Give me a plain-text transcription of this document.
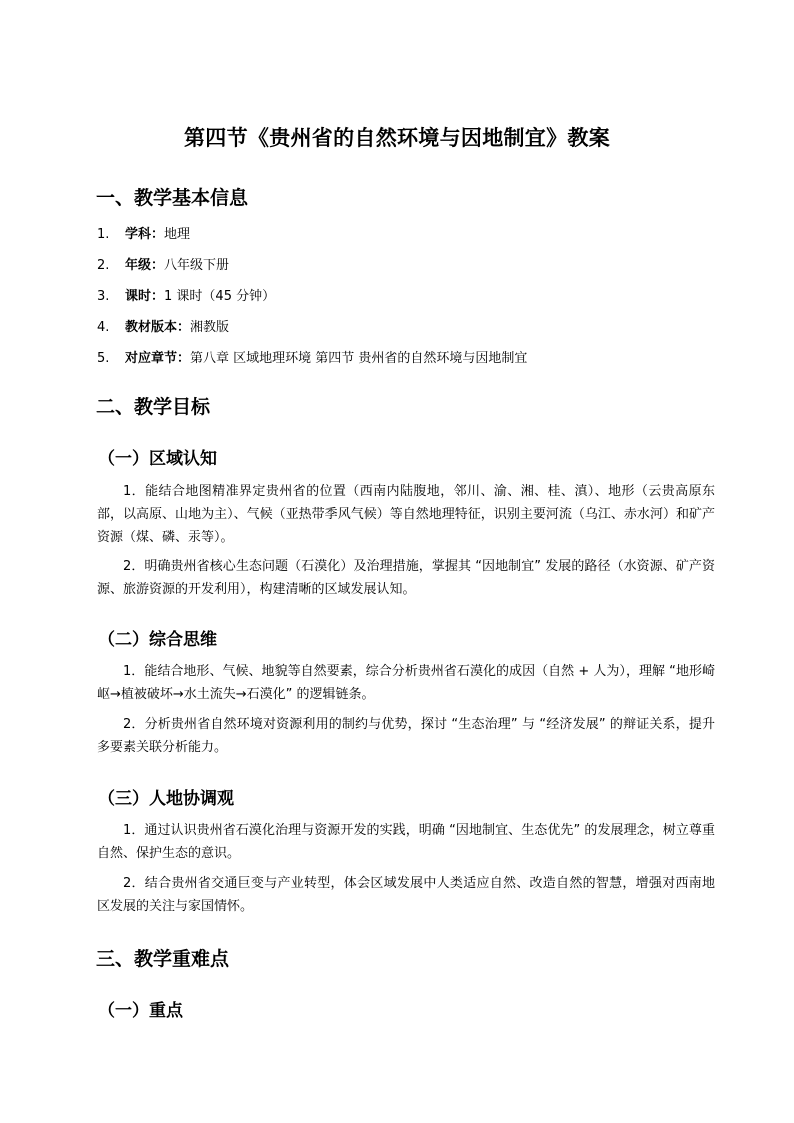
第四节《贵州省的自然环境与因地制宜》教案
一、教学基本信息
1. 学科：地理
2. 年级：八年级下册
3. 课时：1 课时（45 分钟）
4. 教材版本：湘教版
5. 对应章节：第八章 区域地理环境 第四节 贵州省的自然环境与因地制宜
二、教学目标
（一）区域认知
1．能结合地图精准界定贵州省的位置（西南内陆腹地，邻川、渝、湘、桂、滇）、地形（云贵高原东部，以高原、山地为主）、气候（亚热带季风气候）等自然地理特征，识别主要河流（乌江、赤水河）和矿产资源（煤、磷、汞等）。
2．明确贵州省核心生态问题（石漠化）及治理措施，掌握其 “因地制宜” 发展的路径（水资源、矿产资源、旅游资源的开发利用），构建清晰的区域发展认知。
（二）综合思维
1．能结合地形、气候、地貌等自然要素，综合分析贵州省石漠化的成因（自然 + 人为），理解 “地形崎岖→植被破坏→水土流失→石漠化” 的逻辑链条。
2．分析贵州省自然环境对资源利用的制约与优势，探讨 “生态治理” 与 “经济发展” 的辩证关系，提升多要素关联分析能力。
（三）人地协调观
1．通过认识贵州省石漠化治理与资源开发的实践，明确 “因地制宜、生态优先” 的发展理念，树立尊重自然、保护生态的意识。
2．结合贵州省交通巨变与产业转型，体会区域发展中人类适应自然、改造自然的智慧，增强对西南地区发展的关注与家国情怀。
三、教学重难点
（一）重点
